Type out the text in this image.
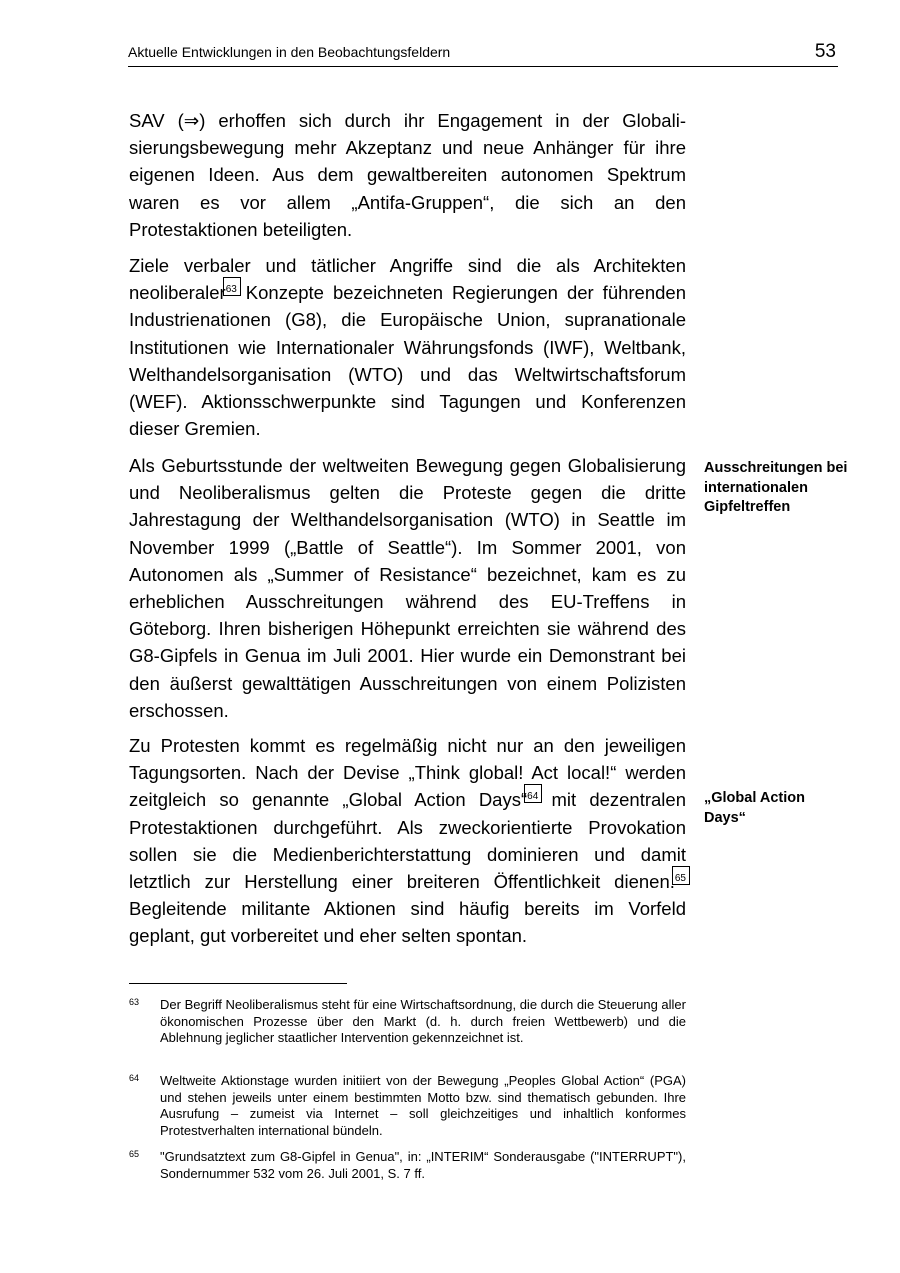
Aktuelle Entwicklungen in den Beobachtungsfeldern	53

SAV (⇒) erhoffen sich durch ihr Engagement in der Globalisierungsbewegung mehr Akzeptanz und neue Anhänger für ihre eigenen Ideen. Aus dem gewaltbereiten autonomen Spektrum waren es vor allem „Antifa-Gruppen“, die sich an den Protestaktionen beteiligten.

Ziele verbaler und tätlicher Angriffe sind die als Architekten neoliberaler
$^{63}$ Konzepte bezeichneten Regierungen der führenden Industrienationen (G8), die Europäische Union, supranationale Institutionen wie Internationaler Währungsfonds (IWF), Weltbank, Welthandelsorganisation (WTO) und das Weltwirtschaftsforum (WEF). Aktionsschwerpunkte sind Tagungen und Konferenzen dieser Gremien.

Als Geburtsstunde der weltweiten Bewegung gegen Globalisierung und Neoliberalismus gelten die Proteste gegen die dritte Jahrestagung der Welthandelsorganisation (WTO) in Seattle im November 1999 („Battle of Seattle“). Im Sommer 2001, von Autonomen als „Summer of Resistance“ bezeichnet, kam es zu erheblichen Ausschreitungen während des EU-Treffens in Göteborg. Ihren bisherigen Höhepunkt erreichten sie während des G8-Gipfels in Genua im Juli 2001. Hier wurde ein Demonstrant bei den äußerst gewalttätigen Ausschreitungen von einem Polizisten erschossen.

Zu Protesten kommt es regelmäßig nicht nur an den jeweiligen Tagungsorten. Nach der Devise „Think global! Act local!“ werden zeitgleich so genannte „Global Action Days“
$^{64}$ mit dezentralen Protestaktionen durchgeführt. Als zweckorientierte Provokation sollen sie die Medienberichterstattung dominieren und damit letztlich zur Herstellung einer breiteren Öffentlichkeit dienen.
$^{65}$ Begleitende militante Aktionen sind häufig bereits im Vorfeld geplant, gut vorbereitet und eher selten spontan.

Ausschreitungen bei internationalen Gipfeltreffen

„Global Action Days“

63 Der Begriff Neoliberalismus steht für eine Wirtschaftsordnung, die durch die Steuerung aller ökonomischen Prozesse über den Markt (d. h. durch freien Wettbewerb) und die Ablehnung jeglicher staatlicher Intervention gekennzeichnet ist.

64 Weltweite Aktionstage wurden initiiert von der Bewegung „Peoples Global Action“ (PGA) und stehen jeweils unter einem bestimmten Motto bzw. sind thematisch gebunden. Ihre Ausrufung – zumeist via Internet – soll gleichzeitiges und inhaltlich konformes Protestverhalten international bündeln.

65 "Grundsatztext zum G8-Gipfel in Genua", in: „INTERIM“ Sonderausgabe ("INTERRUPT"), Sondernummer 532 vom 26. Juli 2001, S. 7 ff.
